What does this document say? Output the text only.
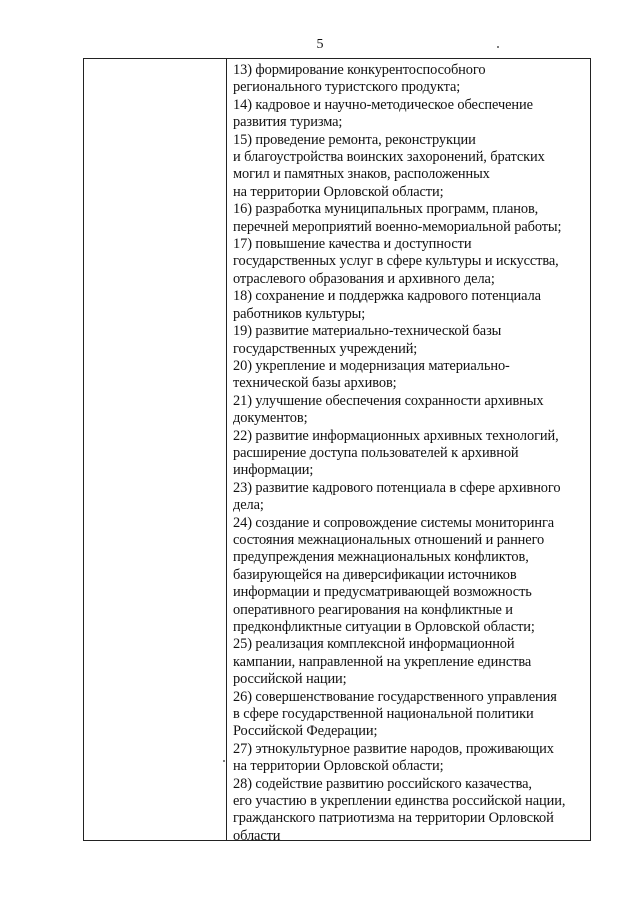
5
13) формирование конкурентоспособного
регионального туристского продукта;
14) кадровое и научно-методическое обеспечение
развития туризма;
15) проведение ремонта, реконструкции
и благоустройства воинских захоронений, братских
могил и памятных знаков, расположенных
на территории Орловской области;
16) разработка муниципальных программ, планов,
перечней мероприятий военно-мемориальной работы;
17) повышение качества и доступности
государственных услуг в сфере культуры и искусства,
отраслевого образования и архивного дела;
18) сохранение и поддержка кадрового потенциала
работников культуры;
19) развитие материально-технической базы
государственных учреждений;
20) укрепление и модернизация материально-
технической базы архивов;
21) улучшение обеспечения сохранности архивных
документов;
22) развитие информационных архивных технологий,
расширение доступа пользователей к архивной
информации;
23) развитие кадрового потенциала в сфере архивного
дела;
24) создание и сопровождение системы мониторинга
состояния межнациональных отношений и раннего
предупреждения межнациональных конфликтов,
базирующейся на диверсификации источников
информации и предусматривающей возможность
оперативного реагирования на конфликтные и
предконфликтные ситуации в Орловской области;
25) реализация комплексной информационной
кампании, направленной на укрепление единства
российской нации;
26) совершенствование государственного управления
в сфере государственной национальной политики
Российской Федерации;
27) этнокультурное развитие народов, проживающих
на территории Орловской области;
28) содействие развитию российского казачества,
его участию в укреплении единства российской нации,
гражданского патриотизма на территории Орловской
области
